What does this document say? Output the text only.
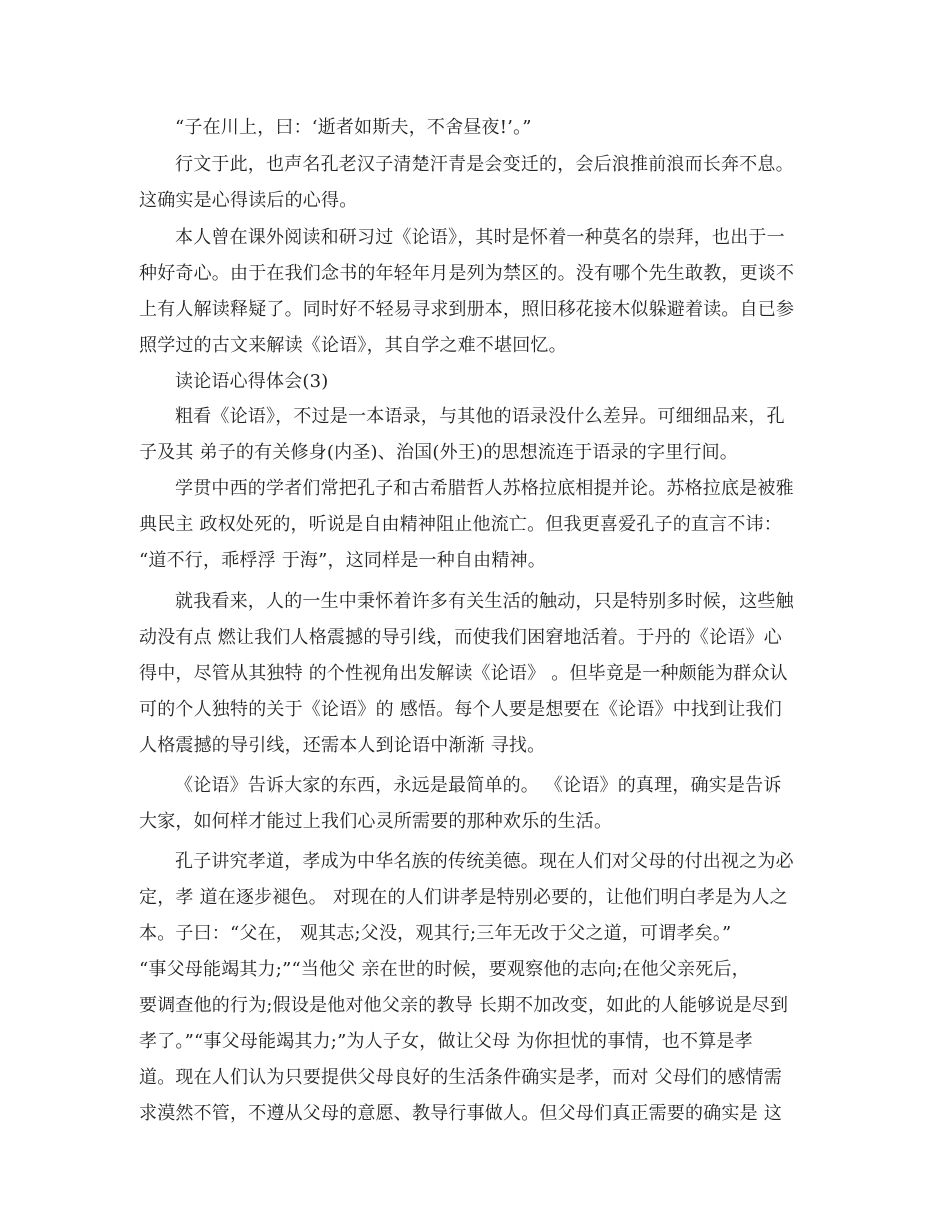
“子在川上，曰：‘逝者如斯夫，不舍昼夜!’。”
行文于此，也声名孔老汉子清楚汗青是会变迁的，会后浪推前浪而长奔不息。
这确实是心得读后的心得。
本人曾在课外阅读和研习过《论语》，其时是怀着一种莫名的崇拜，也出于一
种好奇心。由于在我们念书的年轻年月是列为禁区的。没有哪个先生敢教，更谈不
上有人解读释疑了。同时好不轻易寻求到册本，照旧移花接木似躲避着读。自已参
照学过的古文来解读《论语》，其自学之难不堪回忆。
读论语心得体会(3)
粗看《论语》，不过是一本语录，与其他的语录没什么差异。可细细品来，孔
子及其 弟子的有关修身(内圣)、治国(外王)的思想流连于语录的字里行间。
学贯中西的学者们常把孔子和古希腊哲人苏格拉底相提并论。苏格拉底是被雅
典民主 政权处死的，听说是自由精神阻止他流亡。但我更喜爱孔子的直言不讳：
“道不行，乖桴浮 于海”，这同样是一种自由精神。
就我看来，人的一生中秉怀着许多有关生活的触动，只是特别多时候，这些触
动没有点 燃让我们人格震撼的导引线，而使我们困窘地活着。于丹的《论语》心
得中，尽管从其独特 的个性视角出发解读《论语》 。但毕竟是一种颇能为群众认
可的个人独特的关于《论语》的 感悟。每个人要是想要在《论语》中找到让我们
人格震撼的导引线，还需本人到论语中渐渐 寻找。
《论语》告诉大家的东西，永远是最简单的。 《论语》的真理，确实是告诉
大家，如何样才能过上我们心灵所需要的那种欢乐的生活。
孔子讲究孝道，孝成为中华名族的传统美德。现在人们对父母的付出视之为必
定，孝 道在逐步褪色。 对现在的人们讲孝是特别必要的，让他们明白孝是为人之
本。子曰：“父在， 观其志;父没，观其行;三年无改于父之道，可谓孝矣。”
“事父母能竭其力;”“当他父 亲在世的时候，要观察他的志向;在他父亲死后，
要调查他的行为;假设是他对他父亲的教导 长期不加改变，如此的人能够说是尽到
孝了。”“事父母能竭其力;”为人子女，做让父母 为你担忧的事情，也不算是孝
道。现在人们认为只要提供父母良好的生活条件确实是孝，而对 父母们的感情需
求漠然不管，不遵从父母的意愿、教导行事做人。但父母们真正需要的确实是 这
